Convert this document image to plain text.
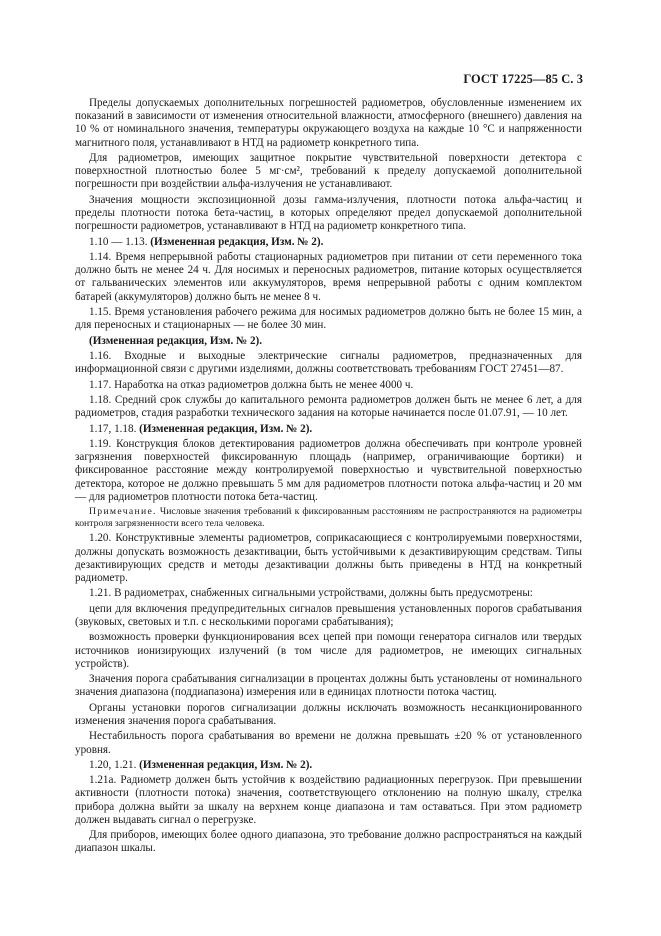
ГОСТ 17225—85 С. 3

Пределы допускаемых дополнительных погрешностей радиометров, обусловленные изменением их показаний в зависимости от изменения относительной влажности, атмосферного (внешнего) давления на 10 % от номинального значения, температуры окружающего воздуха на каждые 10 °С и напряженности магнитного поля, устанавливают в НТД на радиометр конкретного типа.

Для радиометров, имеющих защитное покрытие чувствительной поверхности детектора с поверхностной плотностью более 5 мг·см², требований к пределу допускаемой дополнительной погрешности при воздействии альфа-излучения не устанавливают.

Значения мощности экспозиционной дозы гамма-излучения, плотности потока альфа-частиц и пределы плотности потока бета-частиц, в которых определяют предел допускаемой дополнительной погрешности радиометров, устанавливают в НТД на радиометр конкретного типа.

1.10 — 1.13. (Измененная редакция, Изм. № 2).

1.14. Время непрерывной работы стационарных радиометров при питании от сети переменного тока должно быть не менее 24 ч. Для носимых и переносных радиометров, питание которых осуществляется от гальванических элементов или аккумуляторов, время непрерывной работы с одним комплектом батарей (аккумуляторов) должно быть не менее 8 ч.

1.15. Время установления рабочего режима для носимых радиометров должно быть не более 15 мин, а для переносных и стационарных — не более 30 мин.

(Измененная редакция, Изм. № 2).

1.16. Входные и выходные электрические сигналы радиометров, предназначенных для информационной связи с другими изделиями, должны соответствовать требованиям ГОСТ 27451—87.

1.17. Наработка на отказ радиометров должна быть не менее 4000 ч.

1.18. Средний срок службы до капитального ремонта радиометров должен быть не менее 6 лет, а для радиометров, стадия разработки технического задания на которые начинается после 01.07.91, — 10 лет.

1.17, 1.18. (Измененная редакция, Изм. № 2).

1.19. Конструкция блоков детектирования радиометров должна обеспечивать при контроле уровней загрязнения поверхностей фиксированную площадь (например, ограничивающие бортики) и фиксированное расстояние между контролируемой поверхностью и чувствительной поверхностью детектора, которое не должно превышать 5 мм для радиометров плотности потока альфа-частиц и 20 мм — для радиометров плотности потока бета-частиц.

Примечание. Числовые значения требований к фиксированным расстояниям не распространяются на радиометры контроля загрязненности всего тела человека.

1.20. Конструктивные элементы радиометров, соприкасающиеся с контролируемыми поверхностями, должны допускать возможность дезактивации, быть устойчивыми к дезактивирующим средствам. Типы дезактивирующих средств и методы дезактивации должны быть приведены в НТД на конкретный радиометр.

1.21. В радиометрах, снабженных сигнальными устройствами, должны быть предусмотрены:

цепи для включения предупредительных сигналов превышения установленных порогов срабатывания (звуковых, световых и т.п. с несколькими порогами срабатывания);

возможность проверки функционирования всех цепей при помощи генератора сигналов или твердых источников ионизирующих излучений (в том числе для радиометров, не имеющих сигнальных устройств).

Значения порога срабатывания сигнализации в процентах должны быть установлены от номинального значения диапазона (поддиапазона) измерения или в единицах плотности потока частиц.

Органы установки порогов сигнализации должны исключать возможность несанкционированного изменения значения порога срабатывания.

Нестабильность порога срабатывания во времени не должна превышать ±20 % от установленного уровня.

1.20, 1.21. (Измененная редакция, Изм. № 2).

1.21а. Радиометр должен быть устойчив к воздействию радиационных перегрузок. При превышении активности (плотности потока) значения, соответствующего отклонению на полную шкалу, стрелка прибора должна выйти за шкалу на верхнем конце диапазона и там оставаться. При этом радиометр должен выдавать сигнал о перегрузке.

Для приборов, имеющих более одного диапазона, это требование должно распространяться на каждый диапазон шкалы.
